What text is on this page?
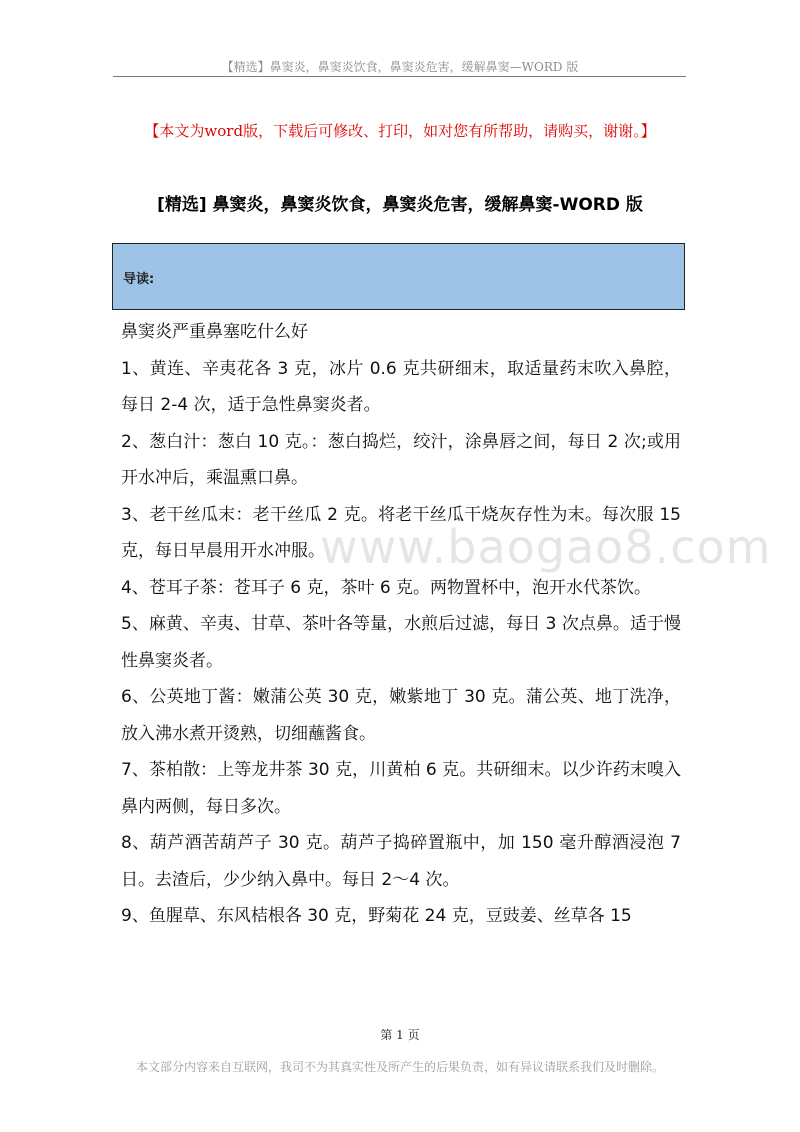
【精选】鼻窦炎，鼻窦炎饮食，鼻窦炎危害，缓解鼻窦—WORD 版
【本文为word版，下载后可修改、打印，如对您有所帮助，请购买，谢谢。】
[精选] 鼻窦炎，鼻窦炎饮食，鼻窦炎危害，缓解鼻窦-WORD 版
导读:

鼻窦炎严重鼻塞吃什么好

1、黄连、辛夷花各 3 克，冰片 0.6 克共研细末，取适量药末吹入鼻腔，每日 2-4 次，适于急性鼻窦炎者。

2、葱白汁：葱白 10 克。：葱白捣烂，绞汁，涂鼻唇之间，每日 2 次;或用开水冲后，乘温熏口鼻。

3、老干丝瓜末：老干丝瓜 2 克。将老干丝瓜干烧灰存性为末。每次服 15 克，每日早晨用开水冲服。

4、苍耳子茶：苍耳子 6 克，茶叶 6 克。两物置杯中，泡开水代茶饮。

5、麻黄、辛夷、甘草、茶叶各等量，水煎后过滤，每日 3 次点鼻。适于慢性鼻窦炎者。

6、公英地丁酱：嫩蒲公英 30 克，嫩紫地丁 30 克。蒲公英、地丁洗净，放入沸水煮开烫熟，切细蘸酱食。

7、茶柏散：上等龙井茶 30 克，川黄柏 6 克。共研细末。以少许药末嗅入鼻内两侧，每日多次。

8、葫芦酒苦葫芦子 30 克。葫芦子捣碎置瓶中，加 150 毫升醇酒浸泡 7 日。去渣后，少少纳入鼻中。每日 2～4 次。

9、鱼腥草、东风桔根各 30 克，野菊花 24 克，豆豉姜、丝草各 15

www.baogao8.com
第 1 页
本文部分内容来自互联网，我司不为其真实性及所产生的后果负责，如有异议请联系我们及时删除。
